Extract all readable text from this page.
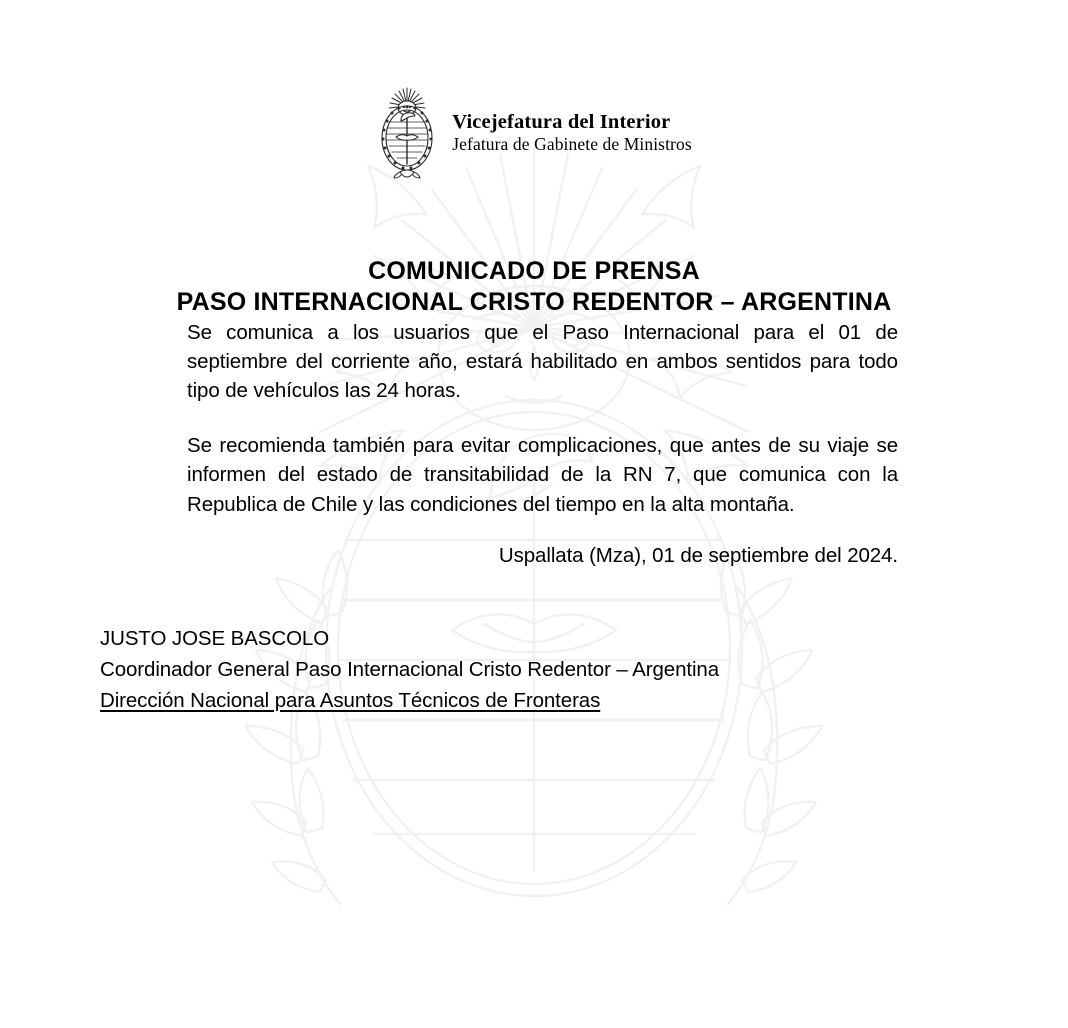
Vicejefatura del Interior
Jefatura de Gabinete de Ministros
COMUNICADO DE PRENSA
PASO INTERNACIONAL CRISTO REDENTOR – ARGENTINA

Se comunica a los usuarios que el Paso Internacional para el 01 de septiembre del corriente año, estará habilitado en ambos sentidos para todo tipo de vehículos las 24 horas.

Se recomienda también para evitar complicaciones, que antes de su viaje se informen del estado de transitabilidad de la RN 7, que comunica con la Republica de Chile y las condiciones del tiempo en la alta montaña.

Uspallata (Mza), 01 de septiembre del 2024.
JUSTO JOSE BASCOLO
Coordinador General Paso Internacional Cristo Redentor – Argentina
Dirección Nacional para Asuntos Técnicos de Fronteras
